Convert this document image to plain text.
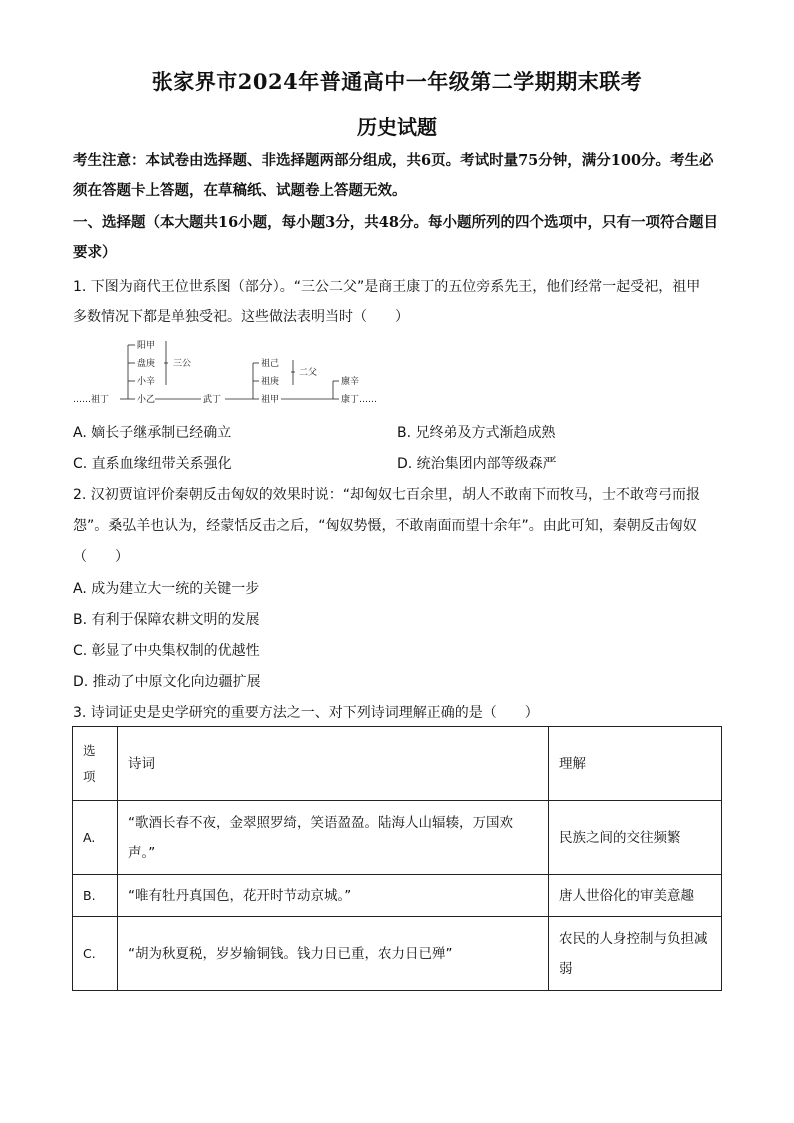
张家界市2024年普通高中一年级第二学期期末联考
历史试题
考生注意：本试卷由选择题、非选择题两部分组成，共6页。考试时量75分钟，满分100分。考生必须在答题卡上答题，在草稿纸、试题卷上答题无效。
一、选择题（本大题共16小题，每小题3分，共48分。每小题所列的四个选项中，只有一项符合题目要求）
1. 下图为商代王位世系图（部分）。“三公二父”是商王康丁的五位旁系先王，他们经常一起受祀，祖甲
多数情况下都是单独受祀。这些做法表明当时（　　）
……祖丁
阳甲
盘庚
小辛
小乙
三公
武丁
祖己
祖庚
祖甲
二父
廪辛
康丁……
A. 嫡长子继承制已经确立	B. 兄终弟及方式渐趋成熟
C. 直系血缘纽带关系强化	D. 统治集团内部等级森严
2. 汉初贾谊评价秦朝反击匈奴的效果时说：“却匈奴七百余里，胡人不敢南下而牧马，士不敢弯弓而报
怨”。桑弘羊也认为，经蒙恬反击之后，“匈奴势慑，不敢南面而望十余年”。由此可知，秦朝反击匈奴
（　　）
A. 成为建立大一统的关键一步
B. 有利于保障农耕文明的发展
C. 彰显了中央集权制的优越性
D. 推动了中原文化向边疆扩展
3. 诗词证史是史学研究的重要方法之一、对下列诗词理解正确的是（　　）
选项	诗词	理解
A.	“歌酒长春不夜，金翠照罗绮，笑语盈盈。陆海人山辐辏，万国欢声。”	民族之间的交往频繁
B.	“唯有牡丹真国色，花开时节动京城。”	唐人世俗化的审美意趣
C.	“胡为秋夏税，岁岁输铜钱。钱力日已重，农力日已殚”	农民的人身控制与负担减弱
